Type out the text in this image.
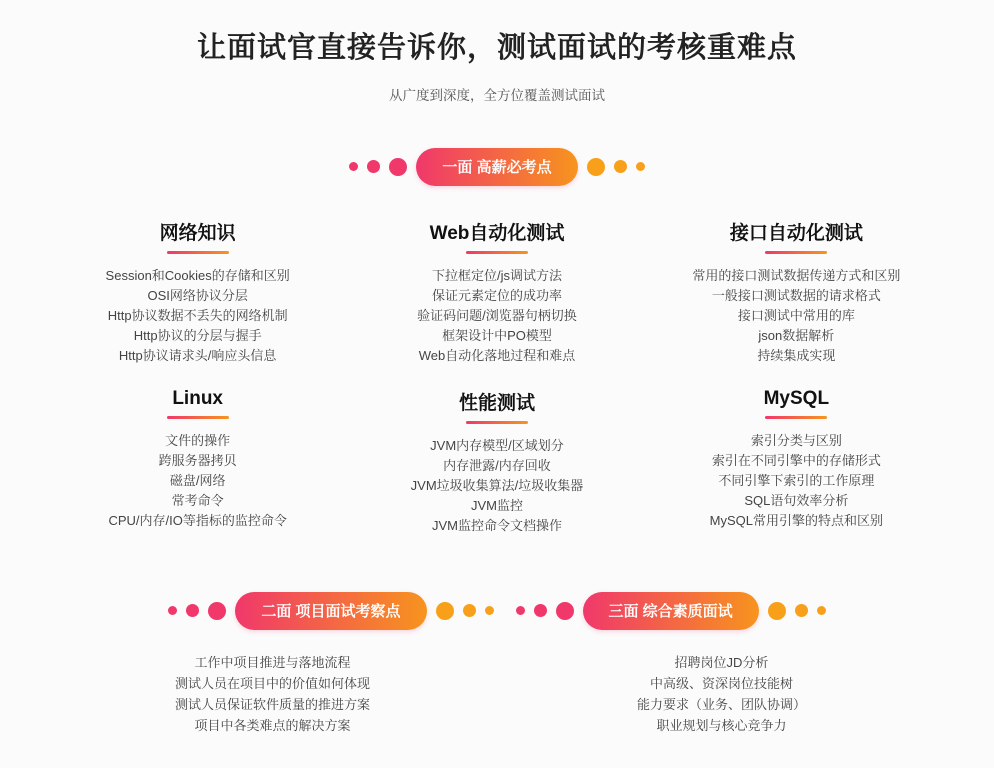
让面试官直接告诉你，测试面试的考核重难点
从广度到深度，全方位覆盖测试面试
一面 高薪必考点
网络知识
Session和Cookies的存储和区别
OSI网络协议分层
Http协议数据不丢失的网络机制
Http协议的分层与握手
Http协议请求头/响应头信息
Web自动化测试
下拉框定位/js调试方法
保证元素定位的成功率
验证码问题/浏览器句柄切换
框架设计中PO模型
Web自动化落地过程和难点
接口自动化测试
常用的接口测试数据传递方式和区别
一般接口测试数据的请求格式
接口测试中常用的库
json数据解析
持续集成实现
Linux
文件的操作
跨服务器拷贝
磁盘/网络
常考命令
CPU/内存/IO等指标的监控命令
性能测试
JVM内存模型/区域划分
内存泄露/内存回收
JVM垃圾收集算法/垃圾收集器
JVM监控
JVM监控命令文档操作
MySQL
索引分类与区别
索引在不同引擎中的存储形式
不同引擎下索引的工作原理
SQL语句效率分析
MySQL常用引擎的特点和区别
二面 项目面试考察点	三面 综合素质面试
工作中项目推进与落地流程
测试人员在项目中的价值如何体现
测试人员保证软件质量的推进方案
项目中各类难点的解决方案
招聘岗位JD分析
中高级、资深岗位技能树
能力要求（业务、团队协调）
职业规划与核心竞争力
